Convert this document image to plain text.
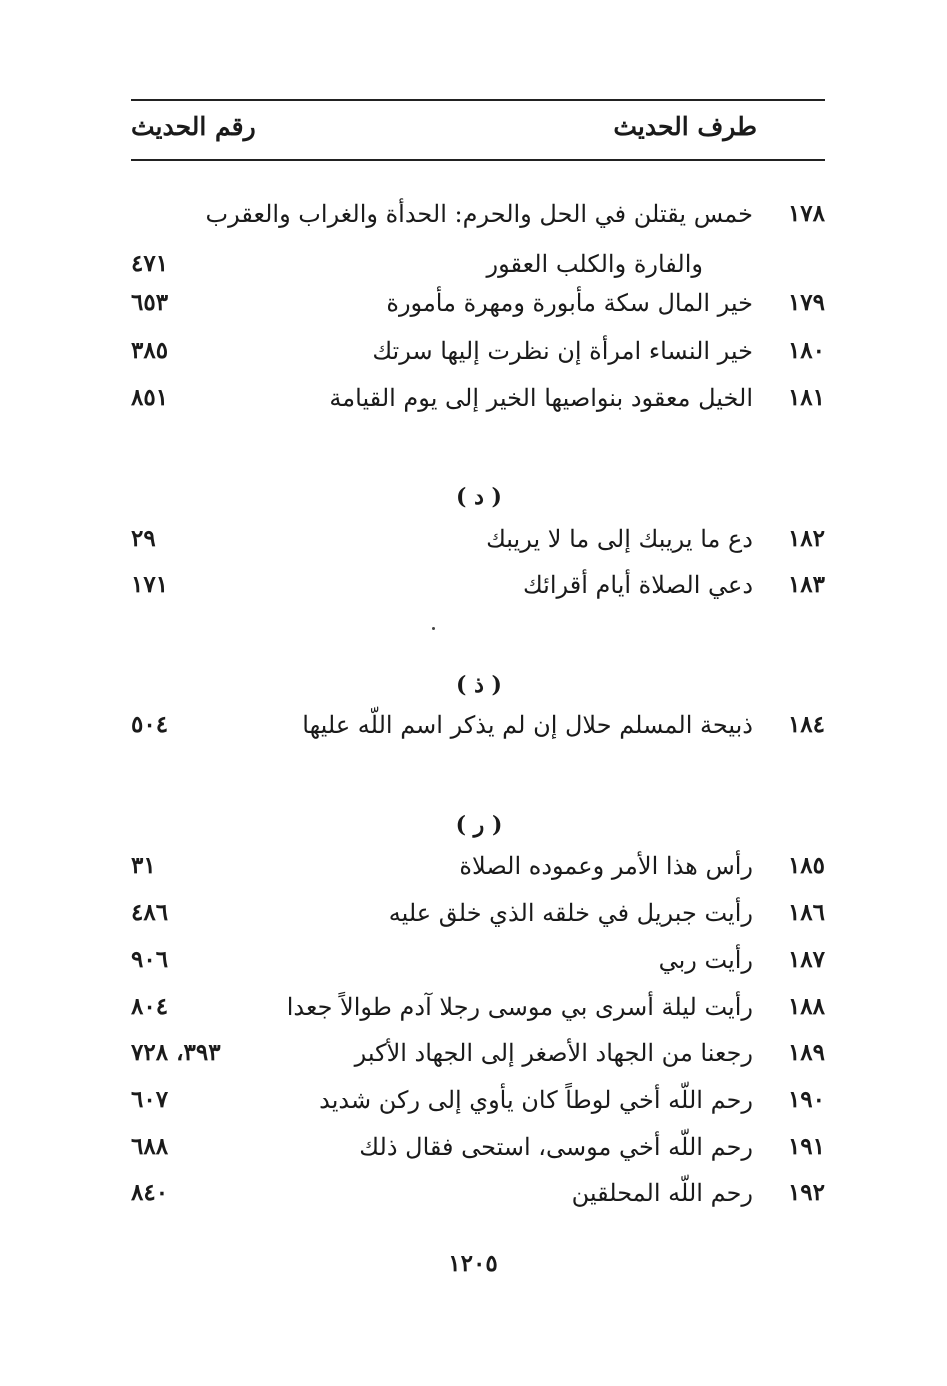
طرف الحديث
رقم الحديث
١٧٨
خمس يقتلن في الحل والحرم: الحدأة والغراب والعقرب
والفارة والكلب العقور
٤٧١
١٧٩
خير المال سكة مأبورة ومهرة مأمورة
٦٥٣
١٨٠
خير النساء امرأة إن نظرت إليها سرتك
٣٨٥
١٨١
الخيل معقود بنواصيها الخير إلى يوم القيامة
٨٥١
( د )
١٨٢
دع ما يريبك إلى ما لا يريبك
٢٩
١٨٣
دعي الصلاة أيام أقرائك
١٧١
( ذ )
١٨٤
ذبيحة المسلم حلال إن لم يذكر اسم اللّه عليها
٥٠٤
( ر )
١٨٥
رأس هذا الأمر وعموده الصلاة
٣١
١٨٦
رأيت جبريل في خلقه الذي خلق عليه
٤٨٦
١٨٧
رأيت ربي
٩٠٦
١٨٨
رأيت ليلة أسرى بي موسى رجلا آدم طوالاً جعدا
٨٠٤
١٨٩
رجعنا من الجهاد الأصغر إلى الجهاد الأكبر
٣٩٣، ٧٢٨
١٩٠
رحم اللّه أخي لوطاً كان يأوي إلى ركن شديد
٦٠٧
١٩١
رحم اللّه أخي موسى، استحى فقال ذلك
٦٨٨
١٩٢
رحم اللّه المحلقين
٨٤٠
١٢٠٥
